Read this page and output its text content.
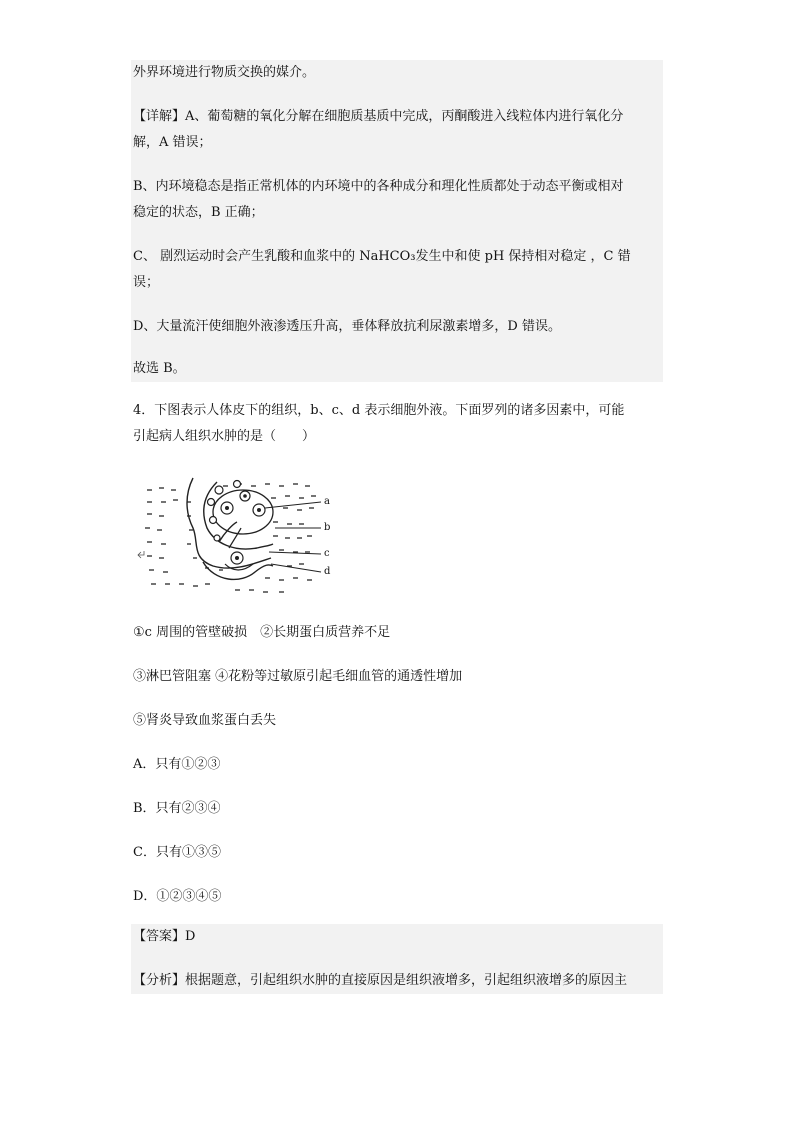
外界环境进行物质交换的媒介。

【详解】A、葡萄糖的氧化分解在细胞质基质中完成，丙酮酸进入线粒体内进行氧化分

解，A 错误；

B、内环境稳态是指正常机体的内环境中的各种成分和理化性质都处于动态平衡或相对

稳定的状态，B 正确；

C、 剧烈运动时会产生乳酸和血浆中的 NaHCO₃发生中和使 pH 保持相对稳定 ，C 错

误；

D、大量流汗使细胞外液渗透压升高，垂体释放抗利尿激素增多，D 错误。

故选 B。

4．下图表示人体皮下的组织，b、c、d 表示细胞外液。下面罗列的诸多因素中，可能

引起病人组织水肿的是（　　）

a
b
c
d

①c 周围的管壁破损　②长期蛋白质营养不足

③淋巴管阻塞 ④花粉等过敏原引起毛细血管的通透性增加

⑤肾炎导致血浆蛋白丢失

A．只有①②③

B．只有②③④

C．只有①③⑤

D．①②③④⑤

【答案】D

【分析】根据题意，引起组织水肿的直接原因是组织液增多，引起组织液增多的原因主
